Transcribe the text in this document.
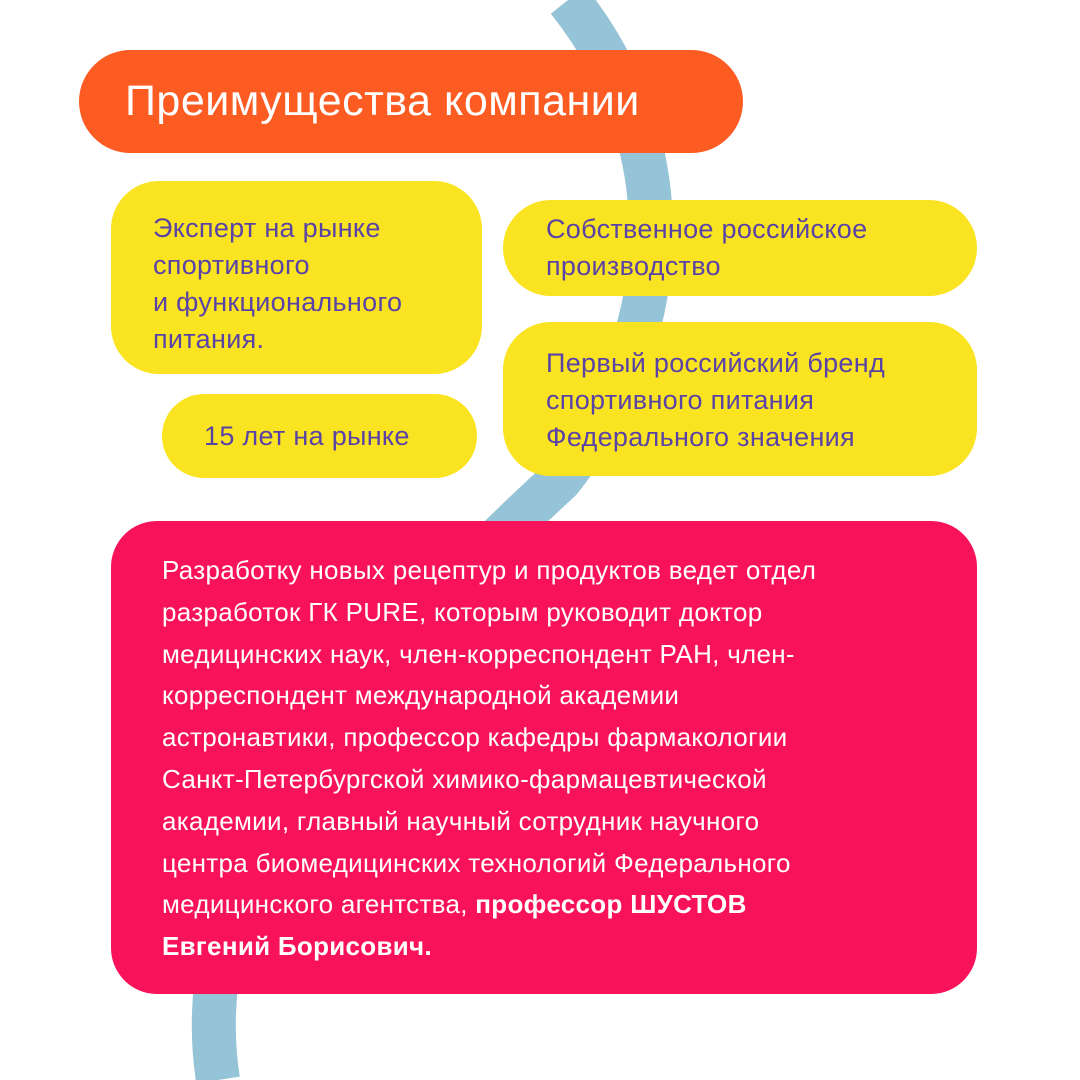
Преимущества компании
Эксперт на рынке
спортивного
и функционального
питания.
Собственное российское
производство
Первый российский бренд
спортивного питания
Федерального значения
15 лет на рынке
Разработку новых рецептур и продуктов ведет отдел
разработок ГК PURE, которым руководит доктор
медицинских наук, член-корреспондент РАН, член-
корреспондент международной академии
астронавтики, профессор кафедры фармакологии
Санкт-Петербургской химико-фармацевтической
академии, главный научный сотрудник научного
центра биомедицинских технологий Федерального
медицинского агентства, профессор ШУСТОВ
Евгений Борисович.
